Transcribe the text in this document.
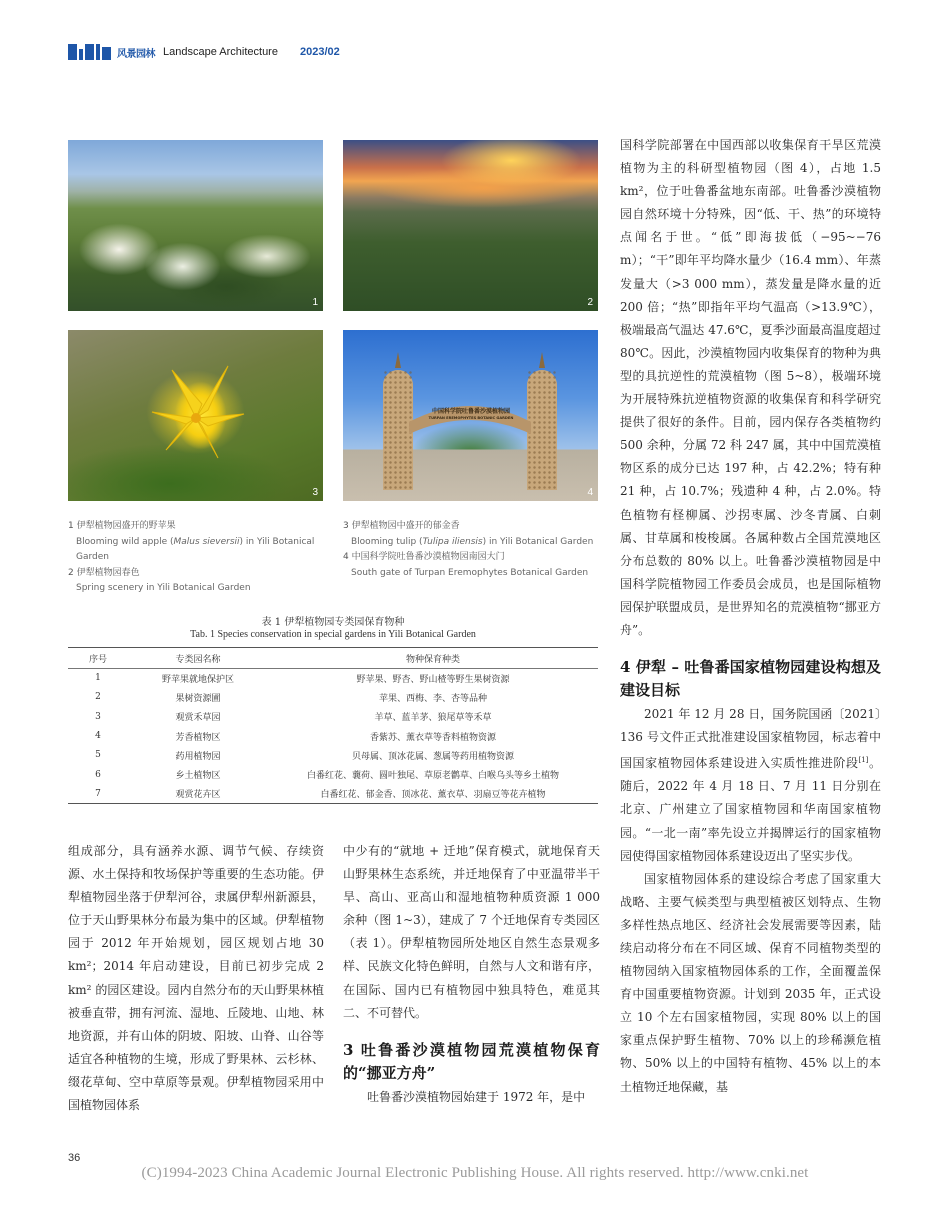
风景园林 Landscape Architecture 2023/02
1	2
3
中国科学院吐鲁番沙漠植物园
TURPAN EREMOPHYTES BOTANIC GARDEN
4
1 伊犁植物园盛开的野苹果
Blooming wild apple (Malus sieversii) in Yili Botanical Garden
2 伊犁植物园春色
Spring scenery in Yili Botanical Garden
3 伊犁植物园中盛开的郁金香
Blooming tulip (Tulipa iliensis) in Yili Botanical Garden
4 中国科学院吐鲁番沙漠植物园南园大门
South gate of Turpan Eremophytes Botanical Garden
表 1 伊犁植物园专类园保育物种
Tab. 1 Species conservation in special gardens in Yili Botanical Garden
序号	专类园名称	物种保育种类
1	野苹果就地保护区	野苹果、野杏、野山楂等野生果树资源
2	果树资源圃	苹果、西梅、李、杏等品种
3	观赏禾草园	羊草、蓝羊茅、狼尾草等禾草
4	芳香植物区	香紫苏、薰衣草等香料植物资源
5	药用植物园	贝母属、顶冰花属、葱属等药用植物资源
6	乡土植物区	白番红花、蘘荷、圆叶独尾、草原老鹳草、白喉乌头等乡土植物
7	观赏花卉区	白番红花、郁金香、顶冰花、薰衣草、羽扇豆等花卉植物

组成部分，具有涵养水源、调节气候、存续资源、水土保持和牧场保护等重要的生态功能。伊犁植物园坐落于伊犁河谷，隶属伊犁州新源县，位于天山野果林分布最为集中的区域。伊犁植物园于 2012 年开始规划，园区规划占地 30 km²；2014 年启动建设，目前已初步完成 2 km² 的园区建设。园内自然分布的天山野果林植被垂直带，拥有河流、湿地、丘陵地、山地、林地资源，并有山体的阴坡、阳坡、山脊、山谷等适宜各种植物的生境，形成了野果林、云杉林、缀花草甸、空中草原等景观。伊犁植物园采用中国植物园体系

中少有的“就地 + 迁地”保育模式，就地保育天山野果林生态系统，并迁地保育了中亚温带半干旱、高山、亚高山和湿地植物种质资源 1 000 余种（图 1~3），建成了 7 个迁地保育专类园区（表 1）。伊犁植物园所处地区自然生态景观多样、民族文化特色鲜明，自然与人文和谐有序，在国际、国内已有植物园中独具特色，难觅其二、不可替代。

3 吐鲁番沙漠植物园荒漠植物保育的“挪亚方舟”

吐鲁番沙漠植物园始建于 1972 年，是中

国科学院部署在中国西部以收集保育干旱区荒漠植物为主的科研型植物园（图 4），占地 1.5 km²，位于吐鲁番盆地东南部。吐鲁番沙漠植物园自然环境十分特殊，因“低、干、热”的环境特点闻名于世。“低”即海拔低（−95~−76 m）；“干”即年平均降水量少（16.4 mm）、年蒸发量大（>3 000 mm），蒸发量是降水量的近 200 倍；“热”即指年平均气温高（>13.9℃），极端最高气温达 47.6℃，夏季沙面最高温度超过 80℃。因此，沙漠植物园内收集保育的物种为典型的具抗逆性的荒漠植物（图 5~8），极端环境为开展特殊抗逆植物资源的收集保育和科学研究提供了很好的条件。目前，园内保存各类植物约 500 余种，分属 72 科 247 属，其中中国荒漠植物区系的成分已达 197 种，占 42.2%；特有种 21 种，占 10.7%；残遗种 4 种，占 2.0%。特色植物有柽柳属、沙拐枣属、沙冬青属、白刺属、甘草属和梭梭属。各属种数占全国荒漠地区分布总数的 80% 以上。吐鲁番沙漠植物园是中国科学院植物园工作委员会成员，也是国际植物园保护联盟成员，是世界知名的荒漠植物“挪亚方舟”。

4 伊犁 – 吐鲁番国家植物园建设构想及建设目标

2021 年 12 月 28 日，国务院国函〔2021〕136 号文件正式批准建设国家植物园，标志着中国国家植物园体系建设进入实质性推进阶段[1]。随后，2022 年 4 月 18 日、7 月 11 日分别在北京、广州建立了国家植物园和华南国家植物园。“一北一南”率先设立并揭牌运行的国家植物园使得国家植物园体系建设迈出了坚实步伐。

国家植物园体系的建设综合考虑了国家重大战略、主要气候类型与典型植被区划特点、生物多样性热点地区、经济社会发展需要等因素，陆续启动将分布在不同区域、保育不同植物类型的植物园纳入国家植物园体系的工作，全面覆盖保育中国重要植物资源。计划到 2035 年，正式设立 10 个左右国家植物园，实现 80% 以上的国家重点保护野生植物、70% 以上的珍稀濒危植物、50% 以上的中国特有植物、45% 以上的本土植物迁地保藏，基

36
(C)1994-2023 China Academic Journal Electronic Publishing House. All rights reserved. http://www.cnki.net
